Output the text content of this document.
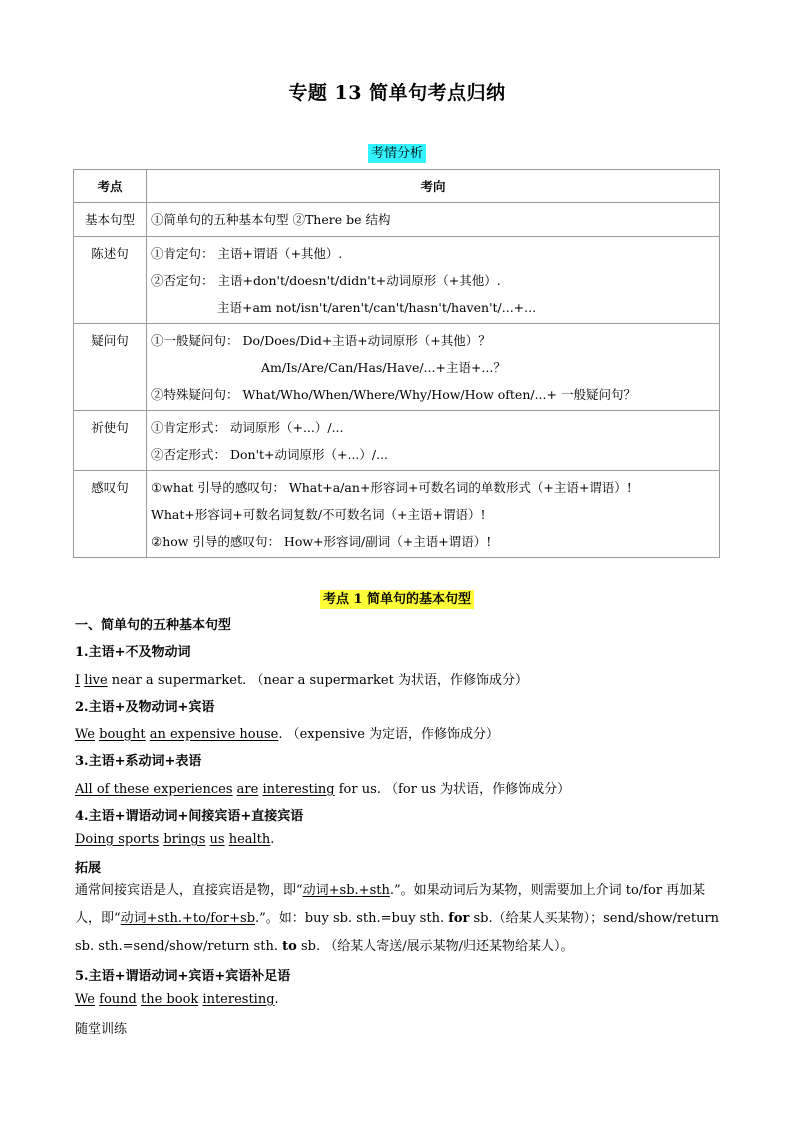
专题 13 简单句考点归纳
考情分析
考点	考向

基本句型	①简单句的五种基本句型 ②There be 结构

陈述句	①肯定句： 主语+谓语（+其他）.
②否定句： 主语+don't/doesn't/didn't+动词原形（+其他）.
主语+am not/isn't/aren't/can't/hasn't/haven't/...+...

疑问句	①一般疑问句： Do/Does/Did+主语+动词原形（+其他）？
Am/Is/Are/Can/Has/Have/...+主语+...？
②特殊疑问句： What/Who/When/Where/Why/How/How often/...+ 一般疑问句？

祈使句	①肯定形式： 动词原形（+...）/...
②否定形式： Don't+动词原形（+...）/...

感叹句	①what 引导的感叹句： What+a/an+形容词+可数名词的单数形式（+主语+谓语）!
What+形容词+可数名词复数/不可数名词（+主语+谓语）!
②how 引导的感叹句： How+形容词/副词（+主语+谓语）!
考点 1 简单句的基本句型
一、简单句的五种基本句型
1.主语+不及物动词
I live near a supermarket. （near a supermarket 为状语，作修饰成分）
2.主语+及物动词+宾语
We bought an expensive house. （expensive 为定语，作修饰成分）
3.主语+系动词+表语
All of these experiences are interesting for us. （for us 为状语，作修饰成分）
4.主语+谓语动词+间接宾语+直接宾语
Doing sports brings us health.
拓展
通常间接宾语是人，直接宾语是物，即“动词+sb.+sth.”。如果动词后为某物，则需要加上介词 to/for 再加某人，即“动词+sth.+to/for+sb.”。如：buy sb. sth.=buy sth. for sb.（给某人买某物）；send/show/return sb. sth.=send/show/return sth. to sb. （给某人寄送/展示某物/归还某物给某人）。
5.主语+谓语动词+宾语+宾语补足语
We found the book interesting.
随堂训练
